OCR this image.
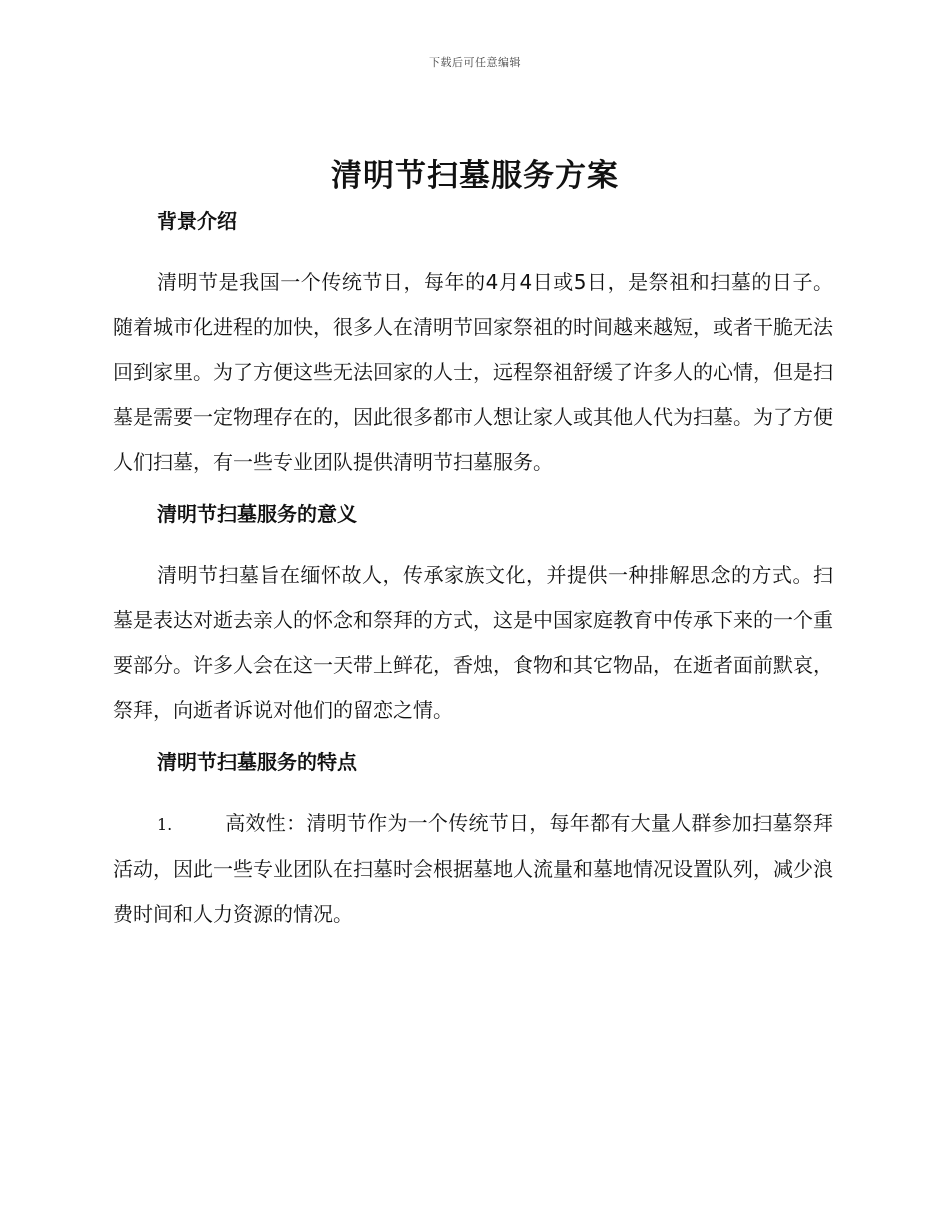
下载后可任意编辑
清明节扫墓服务方案
背景介绍

清明节是我国一个传统节日，每年的4月4日或5日，是祭祖和扫墓的日子。随着城市化进程的加快，很多人在清明节回家祭祖的时间越来越短，或者干脆无法回到家里。为了方便这些无法回家的人士，远程祭祖舒缓了许多人的心情，但是扫墓是需要一定物理存在的，因此很多都市人想让家人或其他人代为扫墓。为了方便人们扫墓，有一些专业团队提供清明节扫墓服务。

清明节扫墓服务的意义

清明节扫墓旨在缅怀故人，传承家族文化，并提供一种排解思念的方式。扫墓是表达对逝去亲人的怀念和祭拜的方式，这是中国家庭教育中传承下来的一个重要部分。许多人会在这一天带上鲜花，香烛，食物和其它物品，在逝者面前默哀，祭拜，向逝者诉说对他们的留恋之情。

清明节扫墓服务的特点

1.	高效性：清明节作为一个传统节日，每年都有大量人群参加扫墓祭拜活动，因此一些专业团队在扫墓时会根据墓地人流量和墓地情况设置队列，减少浪费时间和人力资源的情况。
